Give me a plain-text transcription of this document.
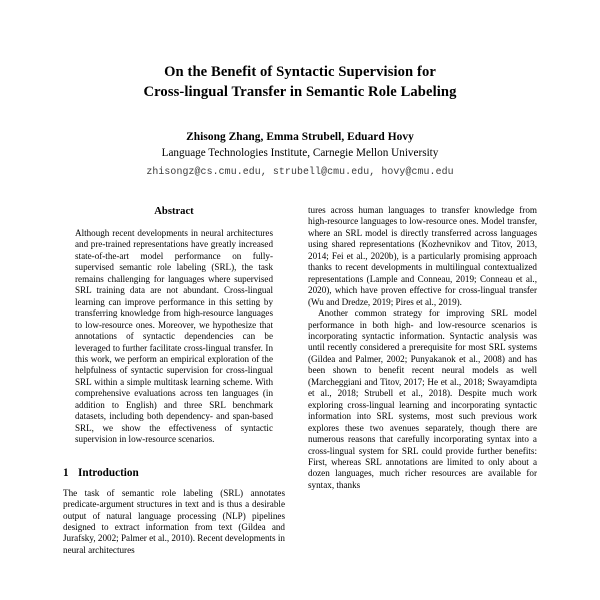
On the Benefit of Syntactic Supervision for
Cross-lingual Transfer in Semantic Role Labeling
Zhisong Zhang, Emma Strubell, Eduard Hovy
Language Technologies Institute, Carnegie Mellon University
zhisongz@cs.cmu.edu, strubell@cmu.edu, hovy@cmu.edu
Abstract

Although recent developments in neural architectures and pre-trained representations have greatly increased state-of-the-art model performance on fully-supervised semantic role labeling (SRL), the task remains challenging for languages where supervised SRL training data are not abundant. Cross-lingual learning can improve performance in this setting by transferring knowledge from high-resource languages to low-resource ones. Moreover, we hypothesize that annotations of syntactic dependencies can be leveraged to further facilitate cross-lingual transfer. In this work, we perform an empirical exploration of the helpfulness of syntactic supervision for cross-lingual SRL within a simple multitask learning scheme. With comprehensive evaluations across ten languages (in addition to English) and three SRL benchmark datasets, including both dependency- and span-based SRL, we show the effectiveness of syntactic supervision in low-resource scenarios.

1 Introduction

The task of semantic role labeling (SRL) annotates predicate-argument structures in text and is thus a desirable output of natural language processing (NLP) pipelines designed to extract information from text (Gildea and Jurafsky, 2002; Palmer et al., 2010). Recent developments in neural architectures

tures across human languages to transfer knowledge from high-resource languages to low-resource ones. Model transfer, where an SRL model is directly transferred across languages using shared representations (Kozhevnikov and Titov, 2013, 2014; Fei et al., 2020b), is a particularly promising approach thanks to recent developments in multilingual contextualized representations (Lample and Conneau, 2019; Conneau et al., 2020), which have proven effective for cross-lingual transfer (Wu and Dredze, 2019; Pires et al., 2019).

Another common strategy for improving SRL model performance in both high- and low-resource scenarios is incorporating syntactic information. Syntactic analysis was until recently considered a prerequisite for most SRL systems (Gildea and Palmer, 2002; Punyakanok et al., 2008) and has been shown to benefit recent neural models as well (Marcheggiani and Titov, 2017; He et al., 2018; Swayamdipta et al., 2018; Strubell et al., 2018). Despite much work exploring cross-lingual learning and incorporating syntactic information into SRL systems, most such previous work explores these two avenues separately, though there are numerous reasons that carefully incorporating syntax into a cross-lingual system for SRL could provide further benefits: First, whereas SRL annotations are limited to only about a dozen languages, much richer resources are available for syntax, thanks
